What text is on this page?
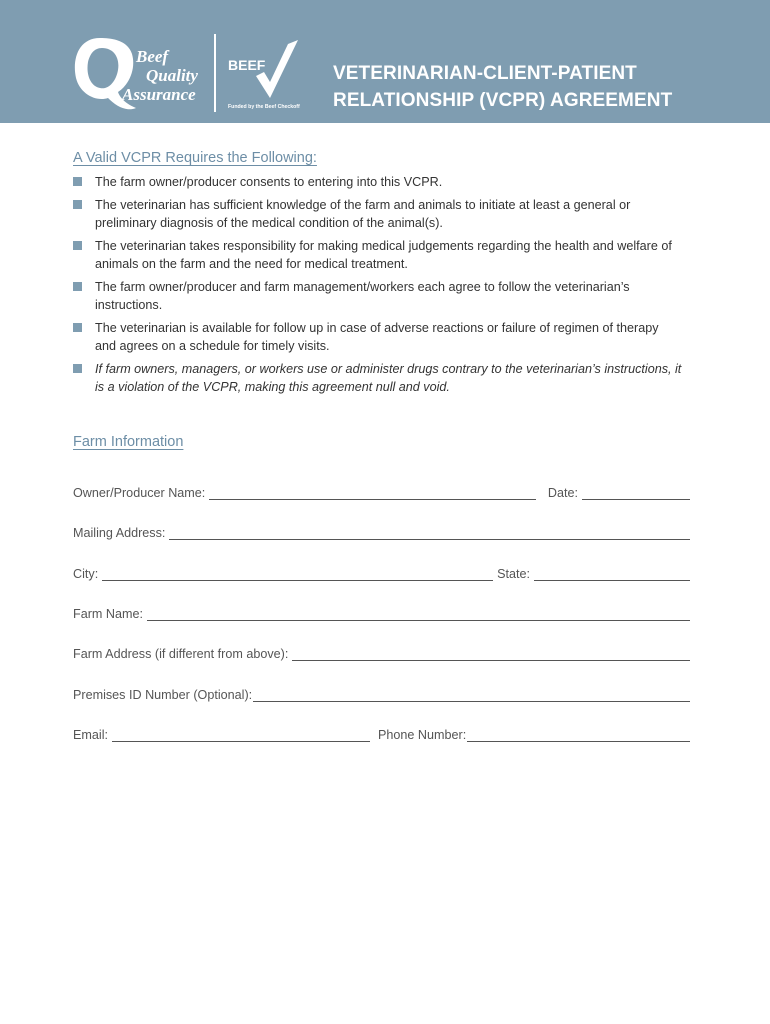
Beef
Quality
Assurance
BEEF
Funded by the Beef Checkoff
VETERINARIAN-CLIENT-PATIENT
RELATIONSHIP (VCPR) AGREEMENT
A Valid VCPR Requires the Following:
The farm owner/producer consents to entering into this VCPR.
The veterinarian has sufficient knowledge of the farm and animals to initiate at least a general or preliminary diagnosis of the medical condition of the animal(s).
The veterinarian takes responsibility for making medical judgements regarding the health and welfare of animals on the farm and the need for medical treatment.
The farm owner/producer and farm management/workers each agree to follow the veterinarian’s instructions.
The veterinarian is available for follow up in case of adverse reactions or failure of regimen of therapy and agrees on a schedule for timely visits.
If farm owners, managers, or workers use or administer drugs contrary to the veterinarian’s instructions, it is a violation of the VCPR, making this agreement null and void.
Farm Information
Owner/Producer Name:	Date:
Mailing Address:
City:	State:
Farm Name:
Farm Address (if different from above):
Premises ID Number (Optional):
Email:	Phone Number:
